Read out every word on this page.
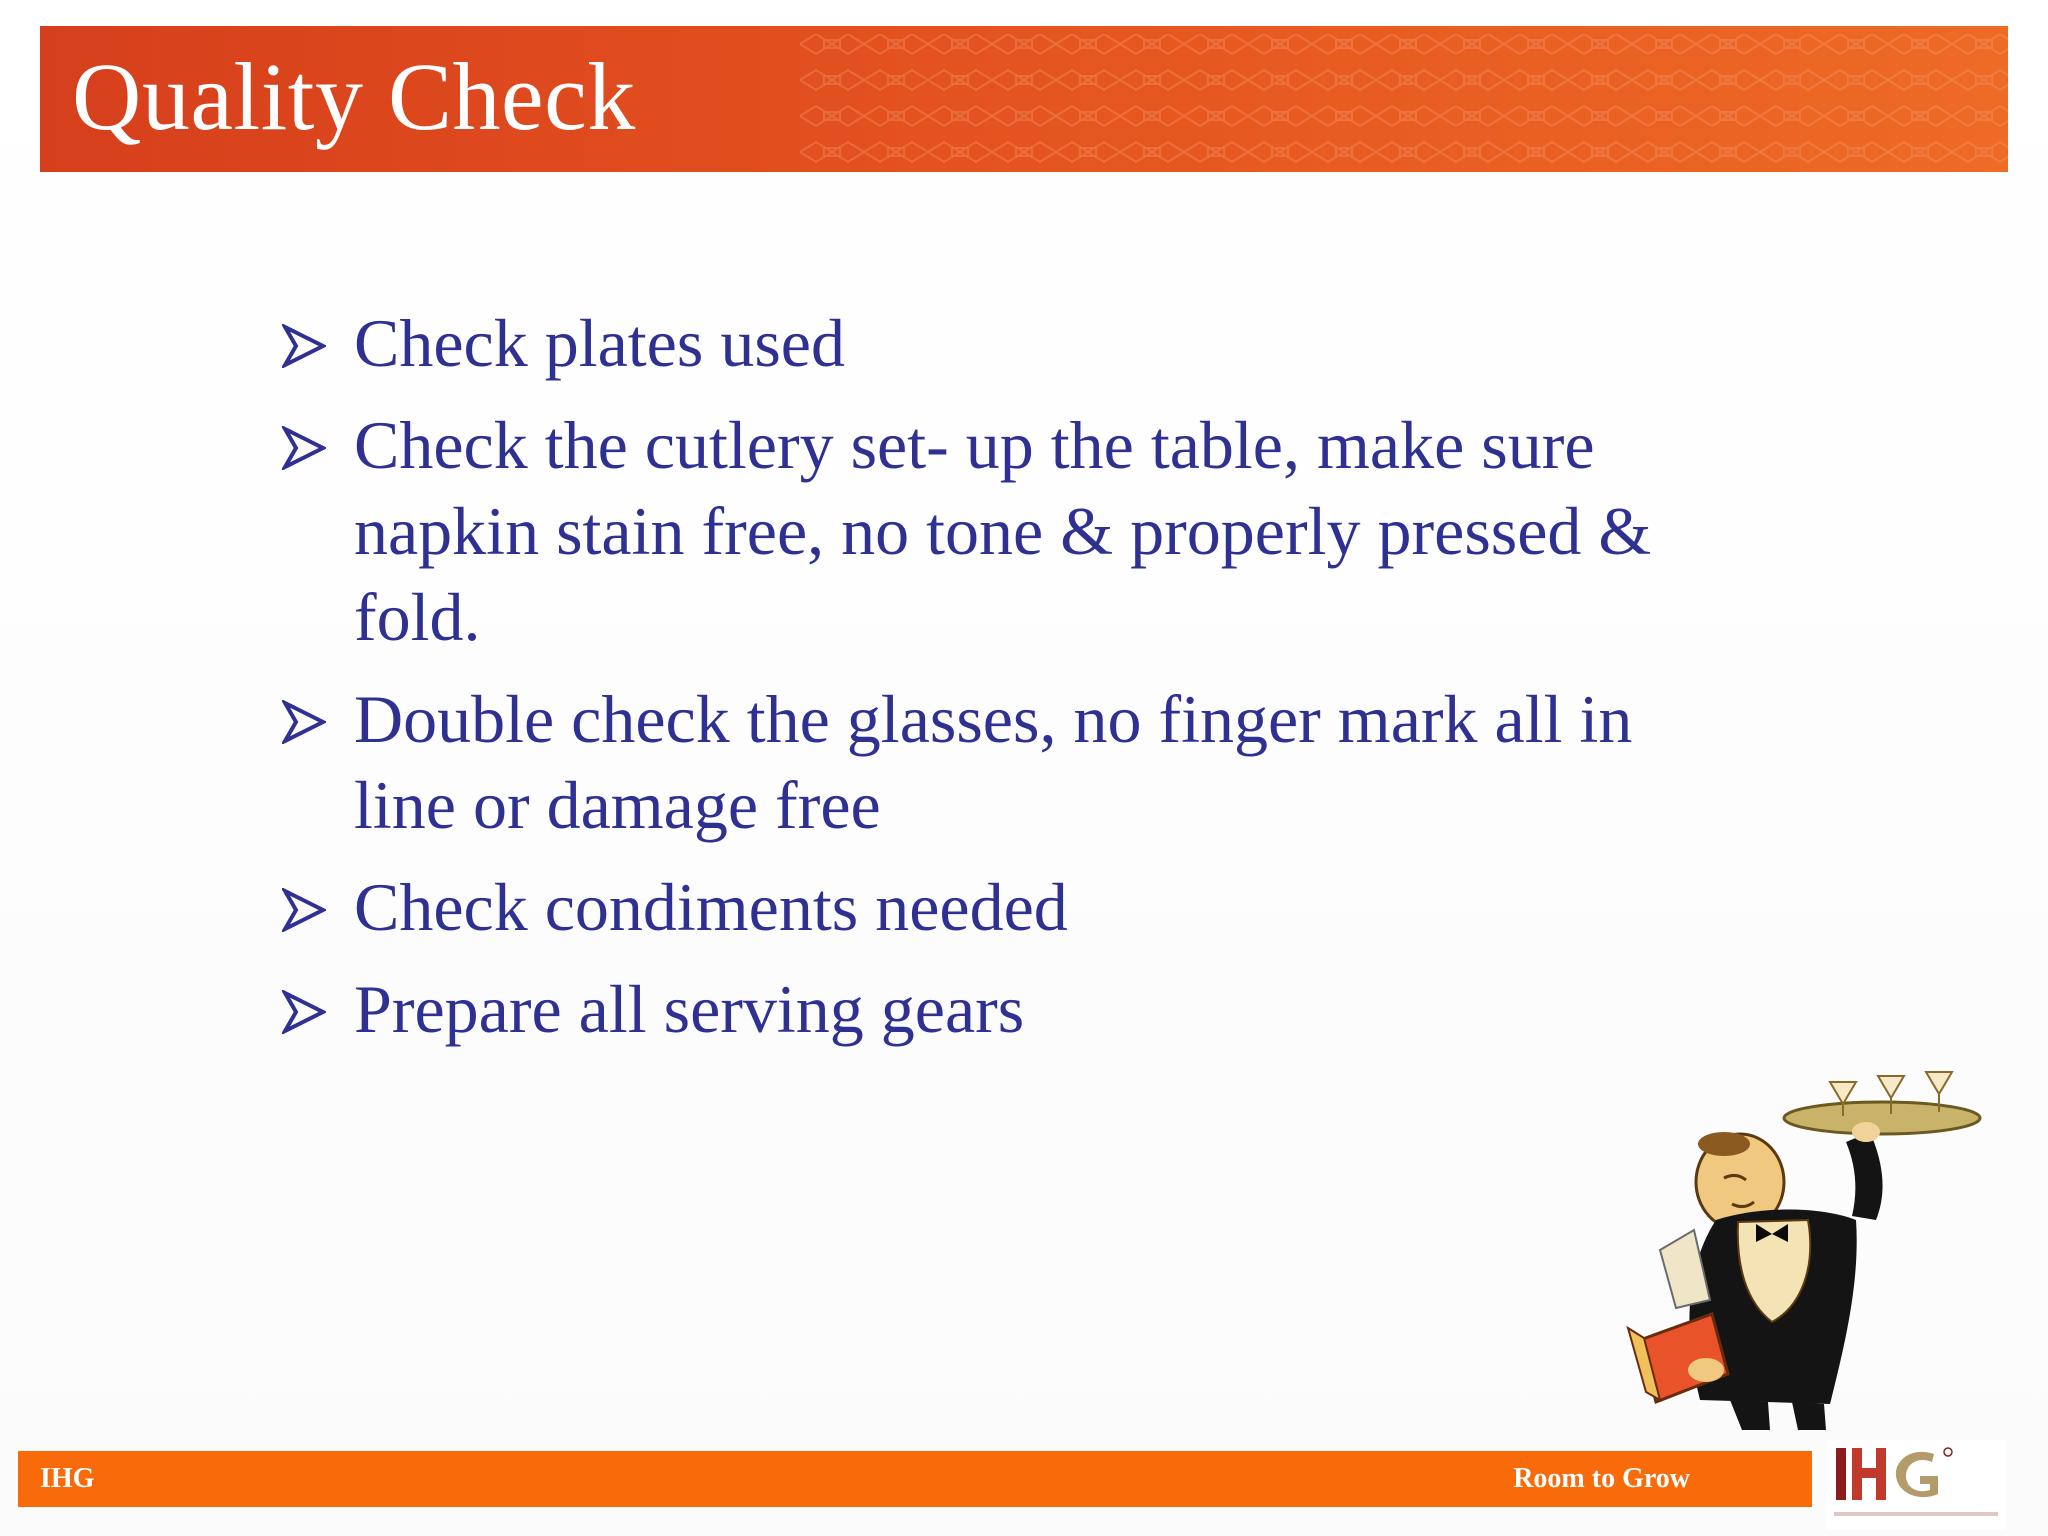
Quality Check
Check plates used
Check the cutlery set- up the table, make sure napkin stain free, no tone & properly pressed & fold.
Double check the glasses, no finger mark all in line or damage free
Check condiments needed
Prepare all serving gears
IHG	Room to Grow
